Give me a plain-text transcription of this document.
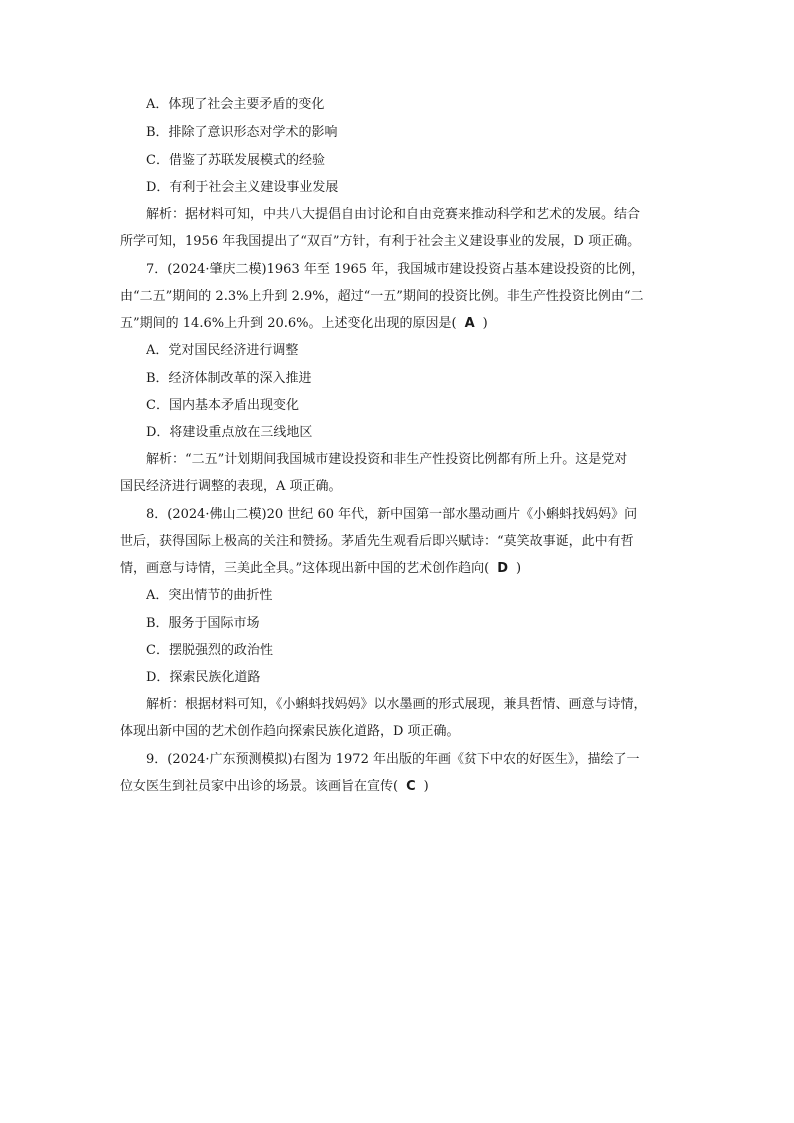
A．体现了社会主要矛盾的变化
B．排除了意识形态对学术的影响
C．借鉴了苏联发展模式的经验
D．有利于社会主义建设事业发展
解析：据材料可知，中共八大提倡自由讨论和自由竞赛来推动科学和艺术的发展。结合
所学可知，1956 年我国提出了“双百”方针，有利于社会主义建设事业的发展，D 项正确。
7．(2024·肇庆二模)1963 年至 1965 年，我国城市建设投资占基本建设投资的比例，
由“二五”期间的 2.3%上升到 2.9%，超过“一五”期间的投资比例。非生产性投资比例由“二
五”期间的 14.6%上升到 20.6%。上述变化出现的原因是( A )
A．党对国民经济进行调整
B．经济体制改革的深入推进
C．国内基本矛盾出现变化
D．将建设重点放在三线地区
解析：“二五”计划期间我国城市建设投资和非生产性投资比例都有所上升。这是党对
国民经济进行调整的表现，A 项正确。
8．(2024·佛山二模)20 世纪 60 年代，新中国第一部水墨动画片《小蝌蚪找妈妈》问
世后，获得国际上极高的关注和赞扬。茅盾先生观看后即兴赋诗：“莫笑故事诞，此中有哲
情，画意与诗情，三美此全具。”这体现出新中国的艺术创作趋向( D )
A．突出情节的曲折性
B．服务于国际市场
C．摆脱强烈的政治性
D．探索民族化道路
解析：根据材料可知，《小蝌蚪找妈妈》以水墨画的形式展现，兼具哲情、画意与诗情，
体现出新中国的艺术创作趋向探索民族化道路，D 项正确。
9．(2024·广东预测模拟)右图为 1972 年出版的年画《贫下中农的好医生》，描绘了一
位女医生到社员家中出诊的场景。该画旨在宣传( C )
